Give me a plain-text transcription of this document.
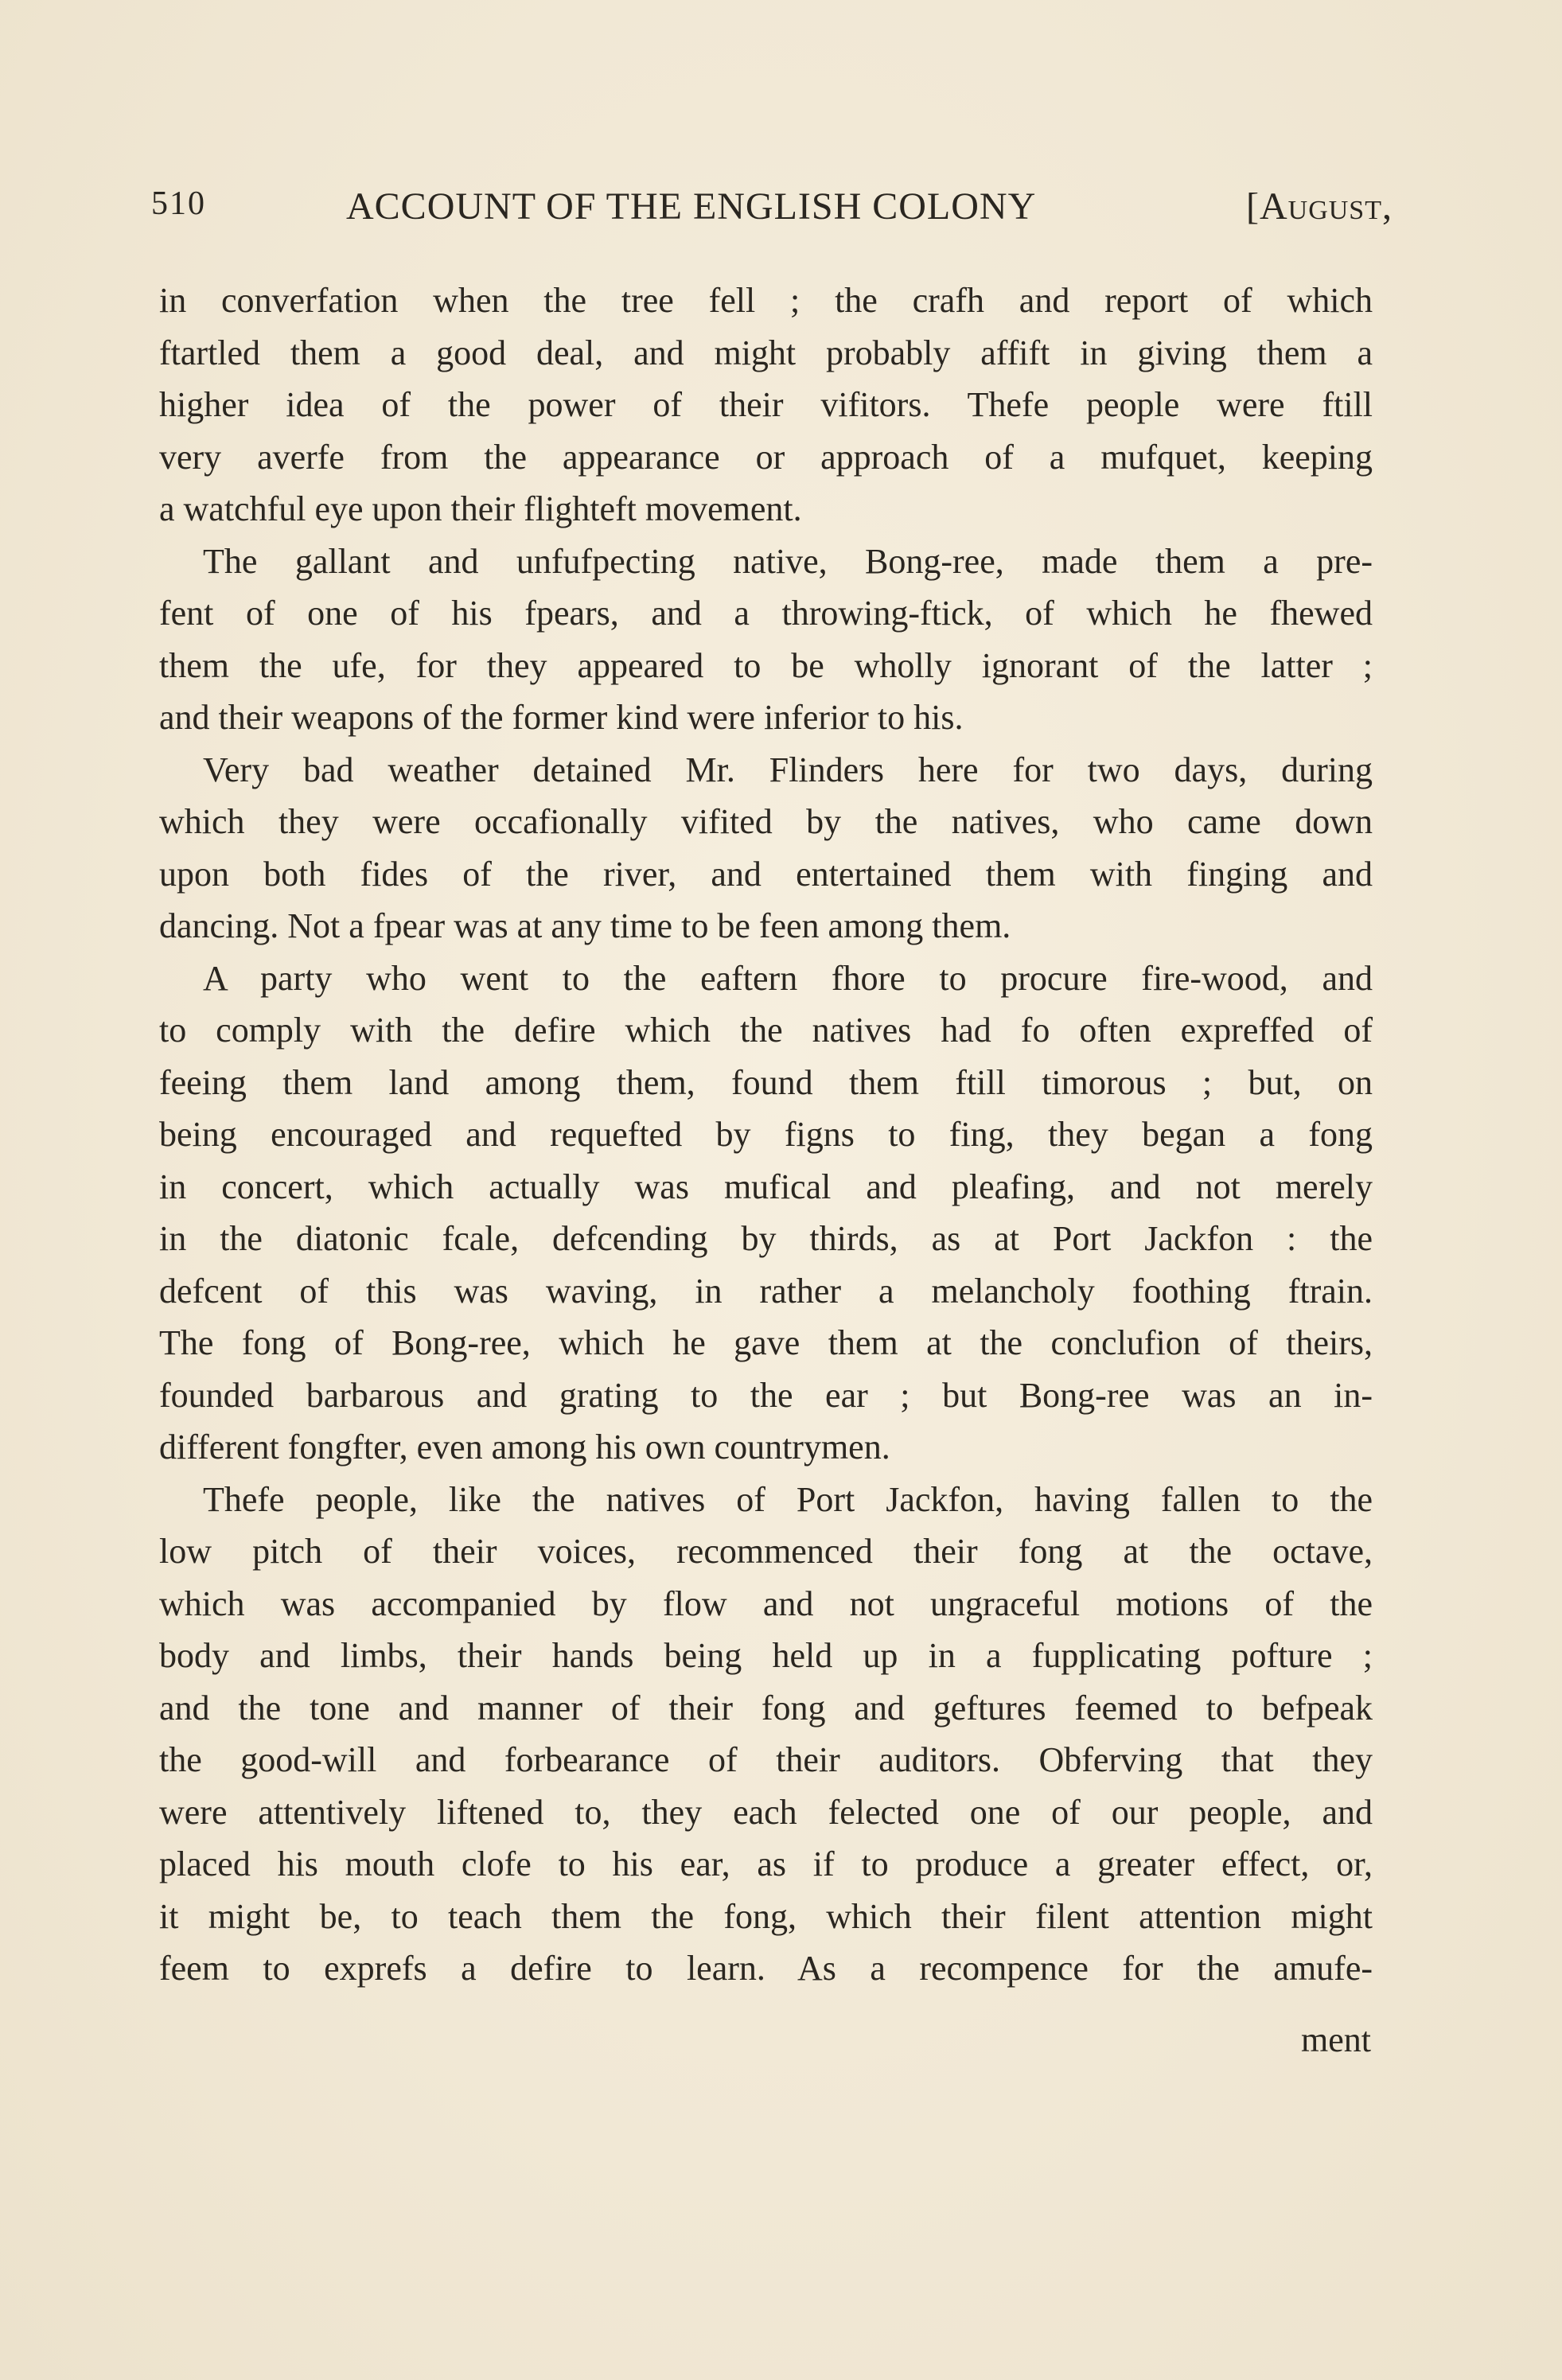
510	ACCOUNT OF THE ENGLISH COLONY	[August,

in converfation when the tree fell ; the crafh and report of which

ftartled them a good deal, and might probably affift in giving them a

higher idea of the power of their vifitors. Thefe people were ftill

very averfe from the appearance or approach of a mufquet, keeping

a watchful eye upon their flighteft movement.

The gallant and unfufpecting native, Bong-ree, made them a pre-

fent of one of his fpears, and a throwing-ftick, of which he fhewed

them the ufe, for they appeared to be wholly ignorant of the latter ;

and their weapons of the former kind were inferior to his.

Very bad weather detained Mr. Flinders here for two days, during

which they were occafionally vifited by the natives, who came down

upon both fides of the river, and entertained them with finging and

dancing. Not a fpear was at any time to be feen among them.

A party who went to the eaftern fhore to procure fire-wood, and

to comply with the defire which the natives had fo often expreffed of

feeing them land among them, found them ftill timorous ; but, on

being encouraged and requefted by figns to fing, they began a fong

in concert, which actually was mufical and pleafing, and not merely

in the diatonic fcale, defcending by thirds, as at Port Jackfon : the

defcent of this was waving, in rather a melancholy foothing ftrain.

The fong of Bong-ree, which he gave them at the conclufion of theirs,

founded barbarous and grating to the ear ; but Bong-ree was an in-

different fongfter, even among his own countrymen.

Thefe people, like the natives of Port Jackfon, having fallen to the

low pitch of their voices, recommenced their fong at the octave,

which was accompanied by flow and not ungraceful motions of the

body and limbs, their hands being held up in a fupplicating pofture ;

and the tone and manner of their fong and geftures feemed to befpeak

the good-will and forbearance of their auditors. Obferving that they

were attentively liftened to, they each felected one of our people, and

placed his mouth clofe to his ear, as if to produce a greater effect, or,

it might be, to teach them the fong, which their filent attention might

feem to exprefs a defire to learn. As a recompence for the amufe-

ment
